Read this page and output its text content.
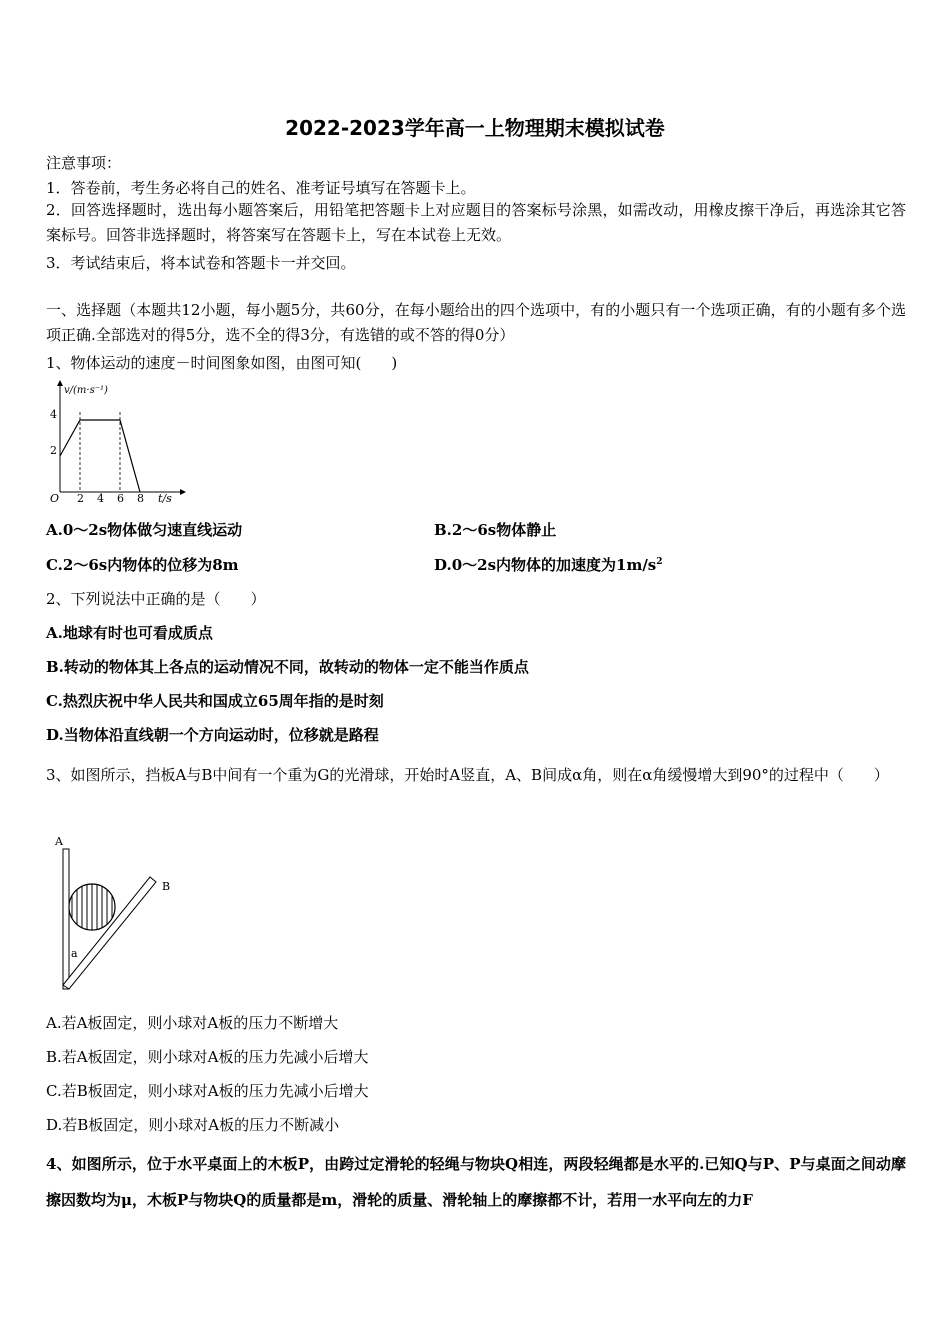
2022-2023学年高一上物理期末模拟试卷
注意事项：
1．答卷前，考生务必将自己的姓名、准考证号填写在答题卡上。
2．回答选择题时，选出每小题答案后，用铅笔把答题卡上对应题目的答案标号涂黑，如需改动，用橡皮擦干净后，再选涂其它答案标号。回答非选择题时，将答案写在答题卡上，写在本试卷上无效。
3．考试结束后，将本试卷和答题卡一并交回。
一、选择题（本题共12小题，每小题5分，共60分，在每小题给出的四个选项中，有的小题只有一个选项正确，有的小题有多个选项正确.全部选对的得5分，选不全的得3分，有选错的或不答的得0分）
1、物体运动的速度－时间图象如图，由图可知(　　)
v/(m·s⁻¹)
t/s
O
2
4
2 4 6 8
A.0～2s物体做匀速直线运动	B.2～6s物体静止
C.2～6s内物体的位移为8m	D.0～2s内物体的加速度为$1m/s^2$
2、下列说法中正确的是（　　）
A.地球有时也可看成质点
B.转动的物体其上各点的运动情况不同，故转动的物体一定不能当作质点
C.热烈庆祝中华人民共和国成立65周年指的是时刻
D.当物体沿直线朝一个方向运动时，位移就是路程
3、如图所示，挡板A与B中间有一个重为G的光滑球，开始时A竖直，A、B间成α角，则在α角缓慢增大到90°的过程中（　　）
A
B
a
A.若A板固定，则小球对A板的压力不断增大
B.若A板固定，则小球对A板的压力先减小后增大
C.若B板固定，则小球对A板的压力先减小后增大
D.若B板固定，则小球对A板的压力不断减小
4、如图所示，位于水平桌面上的木板P，由跨过定滑轮的轻绳与物块Q相连，两段轻绳都是水平的.已知Q与P、P与桌面之间动摩擦因数均为μ，木板P与物块Q的质量都是m，滑轮的质量、滑轮轴上的摩擦都不计，若用一水平向左的力F
